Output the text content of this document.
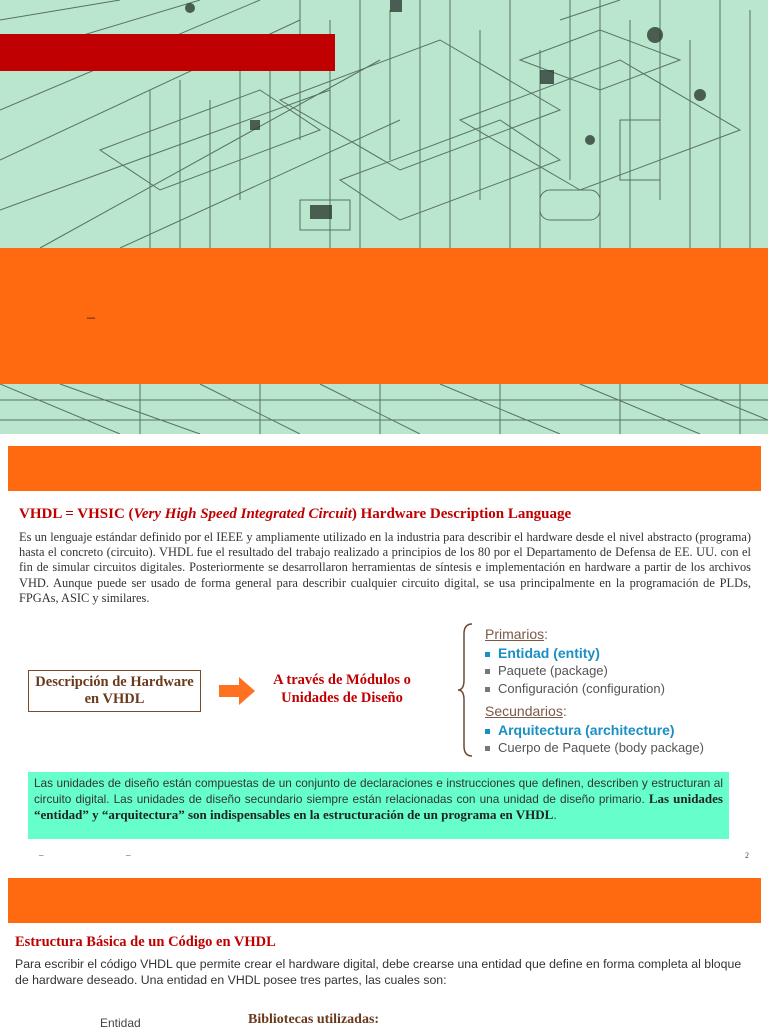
–
VHDL = VHSIC (Very High Speed Integrated Circuit) Hardware Description Language
Es un lenguaje estándar definido por el IEEE y ampliamente utilizado en la industria para describir el hardware desde el nivel abstracto (programa) hasta el concreto (circuito). VHDL fue el resultado del trabajo realizado a principios de los 80 por el Departamento de Defensa de EE. UU. con el fin de simular circuitos digitales. Posteriormente se desarrollaron herramientas de síntesis e implementación en hardware a partir de los archivos VHD. Aunque puede ser usado de forma general para describir cualquier circuito digital, se usa principalmente en la programación de PLDs, FPGAs, ASIC y similares.
Descripción de Hardware en VHDL
A través de Módulos o Unidades de Diseño
Primarios:
Entidad (entity)
Paquete (package)
Configuración (configuration)
Secundarios:
Arquitectura (architecture)
Cuerpo de Paquete (body package)
Las unidades de diseño están compuestas de un conjunto de declaraciones e instrucciones que definen, describen y estructuran al circuito digital. Las unidades de diseño secundario siempre están relacionadas con una unidad de diseño primario. Las unidades “entidad” y “arquitectura” son indispensables en la estructuración de un programa en VHDL.
–	–	2
Estructura Básica de un Código en VHDL
Para escribir el código VHDL que permite crear el hardware digital, debe crearse una entidad que define en forma completa al bloque de hardware deseado. Una entidad en VHDL posee tres partes, las cuales son:
Entidad	Bibliotecas utilizadas:
